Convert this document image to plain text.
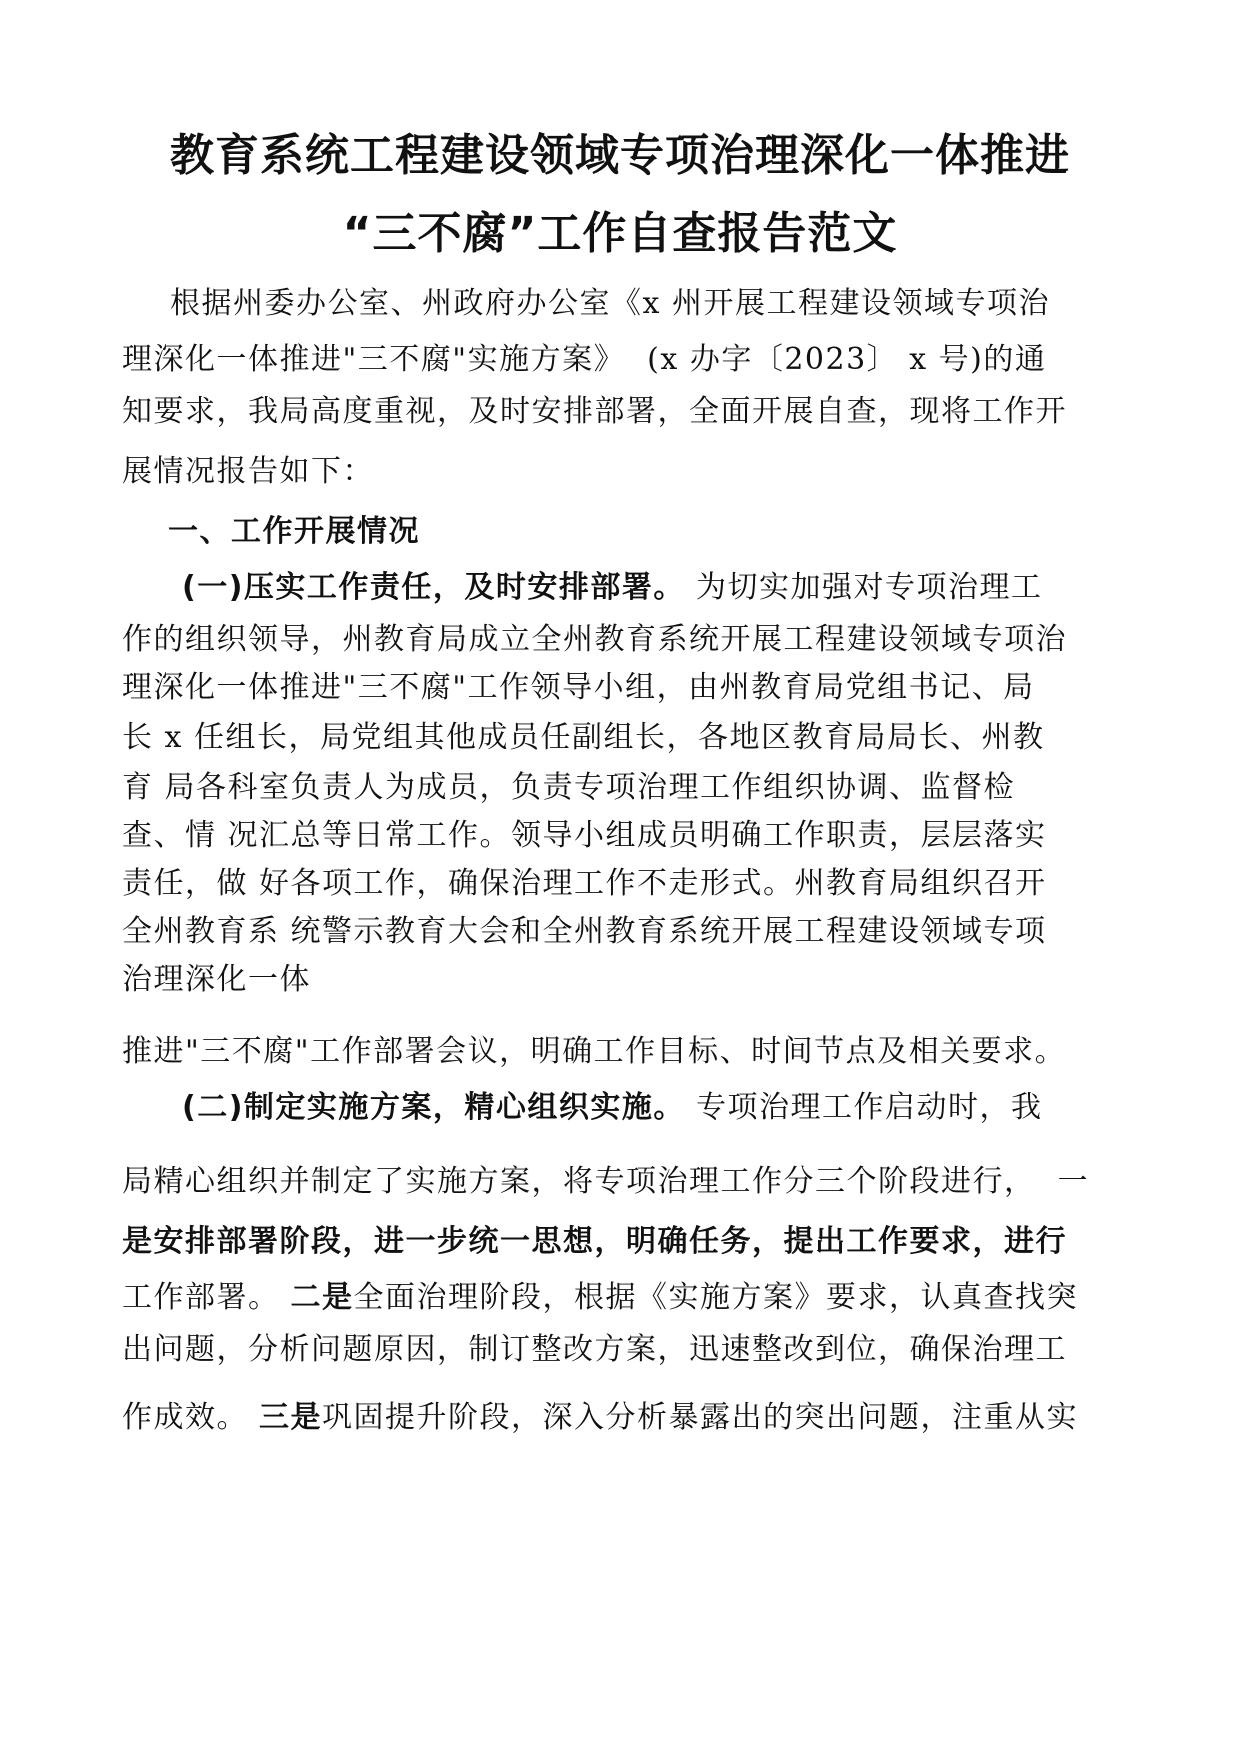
教育系统工程建设领域专项治理深化一体推进
“三不腐”工作自查报告范文
根据州委办公室、州政府办公室《x 州开展工程建设领域专项治
理深化一体推进"三不腐"实施方案》  (x 办字〔2023〕 x 号)的通
知要求，我局高度重视，及时安排部署，全面开展自查，现将工作开
展情况报告如下：
一、工作开展情况
(一)压实工作责任，及时安排部署。 为切实加强对专项治理工
作的组织领导，州教育局成立全州教育系统开展工程建设领域专项治
理深化一体推进"三不腐"工作领导小组，由州教育局党组书记、局
长 x 任组长，局党组其他成员任副组长，各地区教育局局长、州教
育 局各科室负责人为成员，负责专项治理工作组织协调、监督检
查、情 况汇总等日常工作。领导小组成员明确工作职责，层层落实
责任，做 好各项工作，确保治理工作不走形式。州教育局组织召开
全州教育系 统警示教育大会和全州教育系统开展工程建设领域专项
治理深化一体
推进"三不腐"工作部署会议，明确工作目标、时间节点及相关要求。
(二)制定实施方案，精心组织实施。 专项治理工作启动时，我
局精心组织并制定了实施方案，将专项治理工作分三个阶段进行，  一
是安排部署阶段，进一步统一思想，明确任务，提出工作要求，进行
工作部署。 二是全面治理阶段，根据《实施方案》要求，认真查找突
出问题，分析问题原因，制订整改方案，迅速整改到位，确保治理工
作成效。 三是巩固提升阶段，深入分析暴露出的突出问题，注重从实
